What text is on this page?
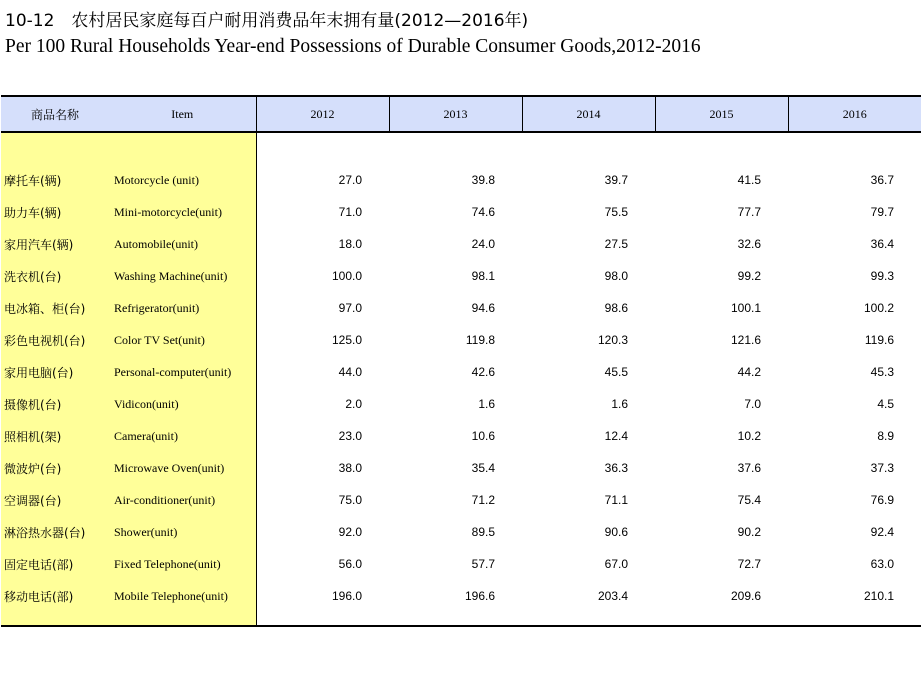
10-12　农村居民家庭每百户耐用消费品年末拥有量(2012—2016年)
Per 100 Rural Households Year-end Possessions of Durable Consumer Goods,2012-2016
商品名称	Item	2012	2013	2014	2015	2016

摩托车(辆)	Motorcycle (unit)	27.0	39.8	39.7	41.5	36.7
助力车(辆)	Mini-motorcycle(unit)	71.0	74.6	75.5	77.7	79.7
家用汽车(辆)	Automobile(unit)	18.0	24.0	27.5	32.6	36.4
洗衣机(台)	Washing Machine(unit)	100.0	98.1	98.0	99.2	99.3
电冰箱、柜(台)	Refrigerator(unit)	97.0	94.6	98.6	100.1	100.2
彩色电视机(台)	Color TV Set(unit)	125.0	119.8	120.3	121.6	119.6
家用电脑(台)	Personal-computer(unit)	44.0	42.6	45.5	44.2	45.3
摄像机(台)	Vidicon(unit)	2.0	1.6	1.6	7.0	4.5
照相机(架)	Camera(unit)	23.0	10.6	12.4	10.2	8.9
微波炉(台)	Microwave Oven(unit)	38.0	35.4	36.3	37.6	37.3
空调器(台)	Air-conditioner(unit)	75.0	71.2	71.1	75.4	76.9
淋浴热水器(台)	Shower(unit)	92.0	89.5	90.6	90.2	92.4
固定电话(部)	Fixed Telephone(unit)	56.0	57.7	67.0	72.7	63.0
移动电话(部)	Mobile Telephone(unit)	196.0	196.6	203.4	209.6	210.1
